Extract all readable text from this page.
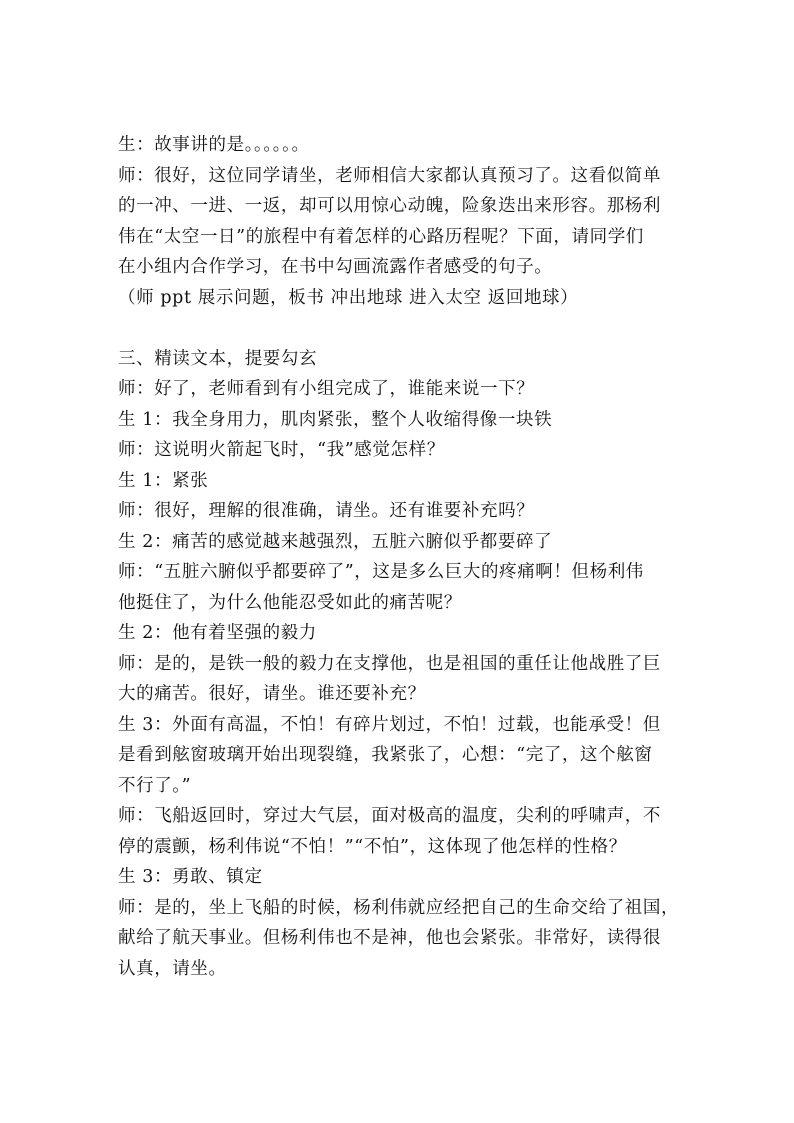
生：故事讲的是。。。。。。
师：很好，这位同学请坐，老师相信大家都认真预习了。这看似简单
的一冲、一进、一返，却可以用惊心动魄，险象迭出来形容。那杨利
伟在“太空一日”的旅程中有着怎样的心路历程呢？下面，请同学们
在小组内合作学习，在书中勾画流露作者感受的句子。
（师 ppt 展示问题，板书 冲出地球 进入太空 返回地球）
三、精读文本，提要勾玄
师：好了，老师看到有小组完成了，谁能来说一下？
生 1：我全身用力，肌肉紧张，整个人收缩得像一块铁
师：这说明火箭起飞时，“我”感觉怎样？
生 1：紧张
师：很好，理解的很准确，请坐。还有谁要补充吗？
生 2：痛苦的感觉越来越强烈，五脏六腑似乎都要碎了
师：“五脏六腑似乎都要碎了”，这是多么巨大的疼痛啊！但杨利伟
他挺住了，为什么他能忍受如此的痛苦呢？
生 2：他有着坚强的毅力
师：是的，是铁一般的毅力在支撑他，也是祖国的重任让他战胜了巨
大的痛苦。很好，请坐。谁还要补充？
生 3：外面有高温，不怕！有碎片划过，不怕！过载，也能承受！但
是看到舷窗玻璃开始出现裂缝，我紧张了，心想：“完了，这个舷窗
不行了。”
师：飞船返回时，穿过大气层，面对极高的温度，尖利的呼啸声，不
停的震颤，杨利伟说“不怕！”“不怕”，这体现了他怎样的性格？
生 3：勇敢、镇定
师：是的，坐上飞船的时候，杨利伟就应经把自己的生命交给了祖国，
献给了航天事业。但杨利伟也不是神，他也会紧张。非常好，读得很
认真，请坐。
